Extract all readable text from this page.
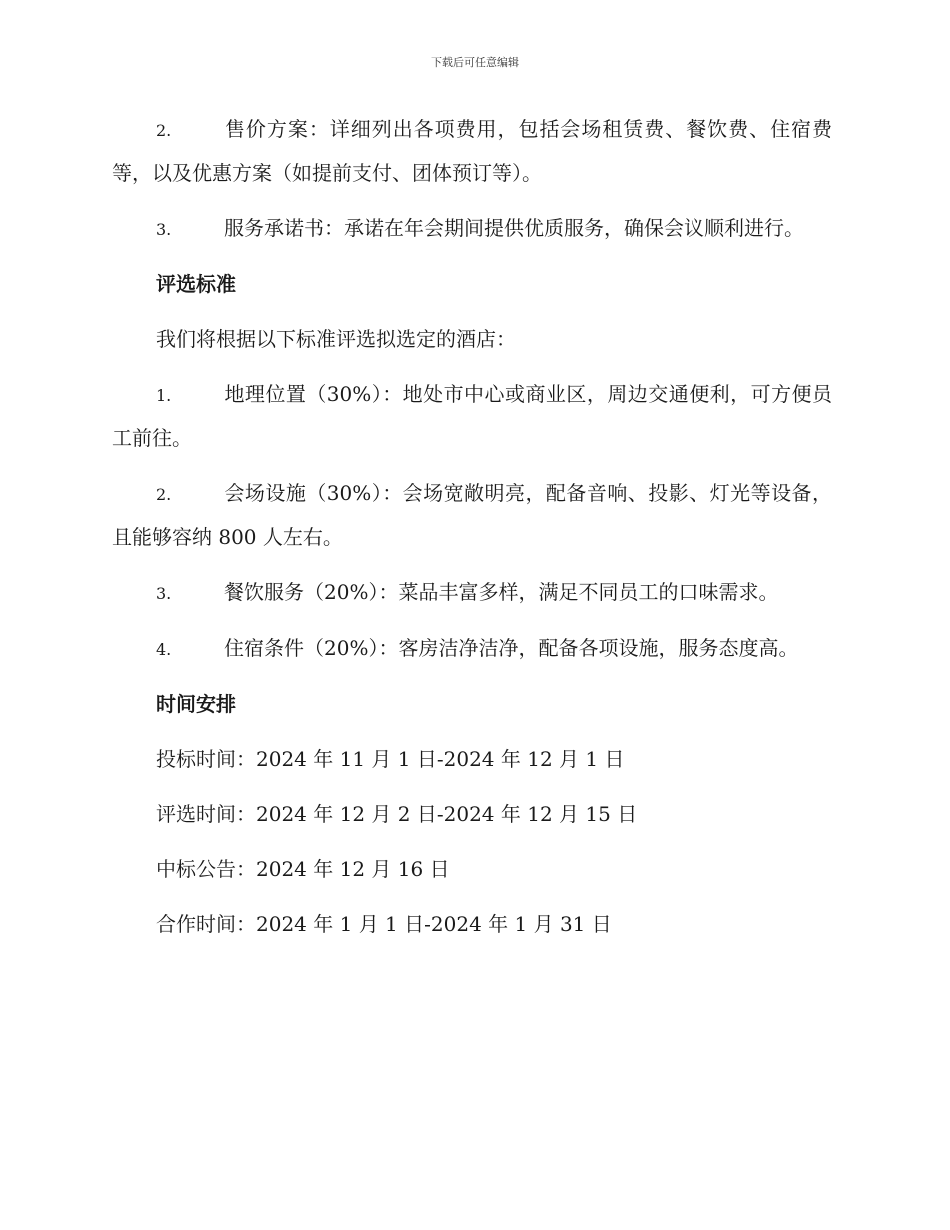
下载后可任意编辑

2.	售价方案：详细列出各项费用，包括会场租赁费、餐饮费、住宿费等，以及优惠方案（如提前支付、团体预订等）。

3.	服务承诺书：承诺在年会期间提供优质服务，确保会议顺利进行。

评选标准

我们将根据以下标准评选拟选定的酒店：

1.	地理位置（30%）：地处市中心或商业区，周边交通便利，可方便员工前往。

2.	会场设施（30%）：会场宽敞明亮，配备音响、投影、灯光等设备，且能够容纳 800 人左右。

3.	餐饮服务（20%）：菜品丰富多样，满足不同员工的口味需求。

4.	住宿条件（20%）：客房洁净洁净，配备各项设施，服务态度高。

时间安排

投标时间：2024 年 11 月 1 日-2024 年 12 月 1 日

评选时间：2024 年 12 月 2 日-2024 年 12 月 15 日

中标公告：2024 年 12 月 16 日

合作时间：2024 年 1 月 1 日-2024 年 1 月 31 日
